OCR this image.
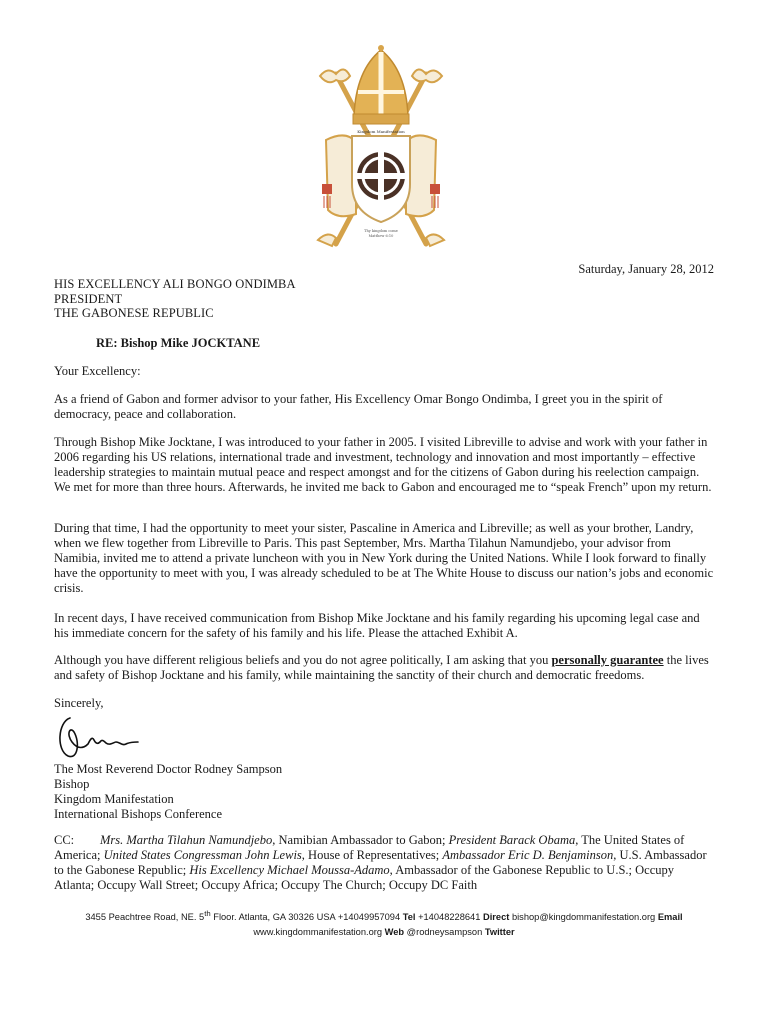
Kingdom Manifestation
Thy kingdom come
Matthew 6:10
Saturday, January 28, 2012
HIS EXCELLENCY ALI BONGO ONDIMBA
PRESIDENT
THE GABONESE REPUBLIC
RE: Bishop Mike JOCKTANE

Your Excellency:

As a friend of Gabon and former advisor to your father, His Excellency Omar Bongo Ondimba, I greet you in the spirit of democracy, peace and collaboration.

Through Bishop Mike Jocktane, I was introduced to your father in 2005. I visited Libreville to advise and work with your father in 2006 regarding his US relations, international trade and investment, technology and innovation and most importantly – effective leadership strategies to maintain mutual peace and respect amongst and for the citizens of Gabon during his reelection campaign. We met for more than three hours. Afterwards, he invited me back to Gabon and encouraged me to “speak French” upon my return.

During that time, I had the opportunity to meet your sister, Pascaline in America and Libreville; as well as your brother, Landry, when we flew together from Libreville to Paris. This past September, Mrs. Martha Tilahun Namundjebo, your advisor from Namibia, invited me to attend a private luncheon with you in New York during the United Nations. While I look forward to finally have the opportunity to meet with you, I was already scheduled to be at The White House to discuss our nation’s jobs and economic crisis.

In recent days, I have received communication from Bishop Mike Jocktane and his family regarding his upcoming legal case and his immediate concern for the safety of his family and his life. Please the attached Exhibit A.

Although you have different religious beliefs and you do not agree politically, I am asking that you personally guarantee the lives and safety of Bishop Jocktane and his family, while maintaining the sanctity of their church and democratic freedoms.

Sincerely,
The Most Reverend Doctor Rodney Sampson
Bishop
Kingdom Manifestation
International Bishops Conference
CC: Mrs. Martha Tilahun Namundjebo, Namibian Ambassador to Gabon; President Barack Obama, The United States of America; United States Congressman John Lewis, House of Representatives; Ambassador Eric D. Benjaminson, U.S. Ambassador to the Gabonese Republic; His Excellency Michael Moussa-Adamo, Ambassador of the Gabonese Republic to U.S.; Occupy Atlanta; Occupy Wall Street; Occupy Africa; Occupy The Church; Occupy DC Faith
3455 Peachtree Road, NE. 5th Floor. Atlanta, GA 30326 USA +14049957094 Tel +14048228641 Direct bishop@kingdommanifestation.org Email
www.kingdommanifestation.org Web @rodneysampson Twitter
